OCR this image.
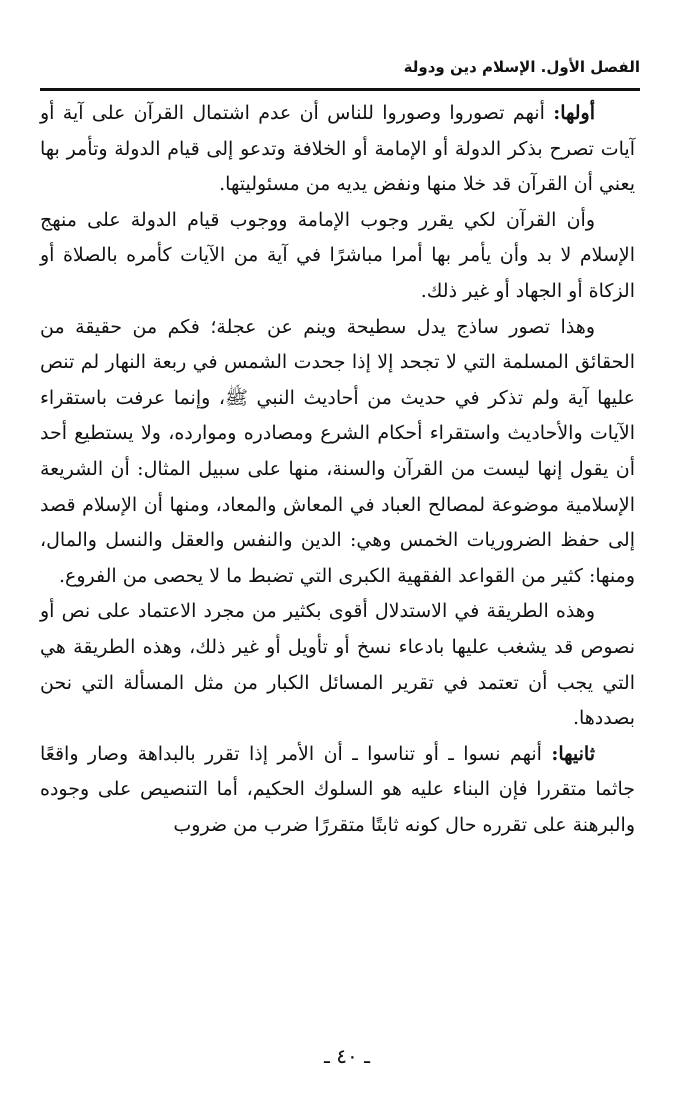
الفصل الأول. الإسلام دين ودولة

أولها: أنهم تصوروا وصوروا للناس أن عدم اشتمال القرآن على آية أو آيات تصرح بذكر الدولة أو الإمامة أو الخلافة وتدعو إلى قيام الدولة وتأمر بها يعني أن القرآن قد خلا منها ونفض يديه من مسئوليتها.

وأن القرآن لكي يقرر وجوب الإمامة ووجوب قيام الدولة على منهج الإسلام لا بد وأن يأمر بها أمرا مباشرًا في آية من الآيات كأمره بالصلاة أو الزكاة أو الجهاد أو غير ذلك.

وهذا تصور ساذج يدل سطيحة وينم عن عجلة؛ فكم من حقيقة من الحقائق المسلمة التي لا تجحد إلا إذا جحدت الشمس في ربعة النهار لم تنص عليها آية ولم تذكر في حديث من أحاديث النبي ﷺ، وإنما عرفت باستقراء الآيات والأحاديث واستقراء أحكام الشرع ومصادره وموارده، ولا يستطيع أحد أن يقول إنها ليست من القرآن والسنة، منها على سبيل المثال: أن الشريعة الإسلامية موضوعة لمصالح العباد في المعاش والمعاد، ومنها أن الإسلام قصد إلى حفظ الضروريات الخمس وهي: الدين والنفس والعقل والنسل والمال، ومنها: كثير من القواعد الفقهية الكبرى التي تضبط ما لا يحصى من الفروع.

وهذه الطريقة في الاستدلال أقوى بكثير من مجرد الاعتماد على نص أو نصوص قد يشغب عليها بادعاء نسخ أو تأويل أو غير ذلك، وهذه الطريقة هي التي يجب أن تعتمد في تقرير المسائل الكبار من مثل المسألة التي نحن بصددها.

ثانيها: أنهم نسوا ـ أو تناسوا ـ أن الأمر إذا تقرر بالبداهة وصار واقعًا جاثما متقررا فإن البناء عليه هو السلوك الحكيم، أما التنصيص على وجوده والبرهنة على تقرره حال كونه ثابتًا متقررًا ضرب من ضروب

ـ ٤٠ ـ
